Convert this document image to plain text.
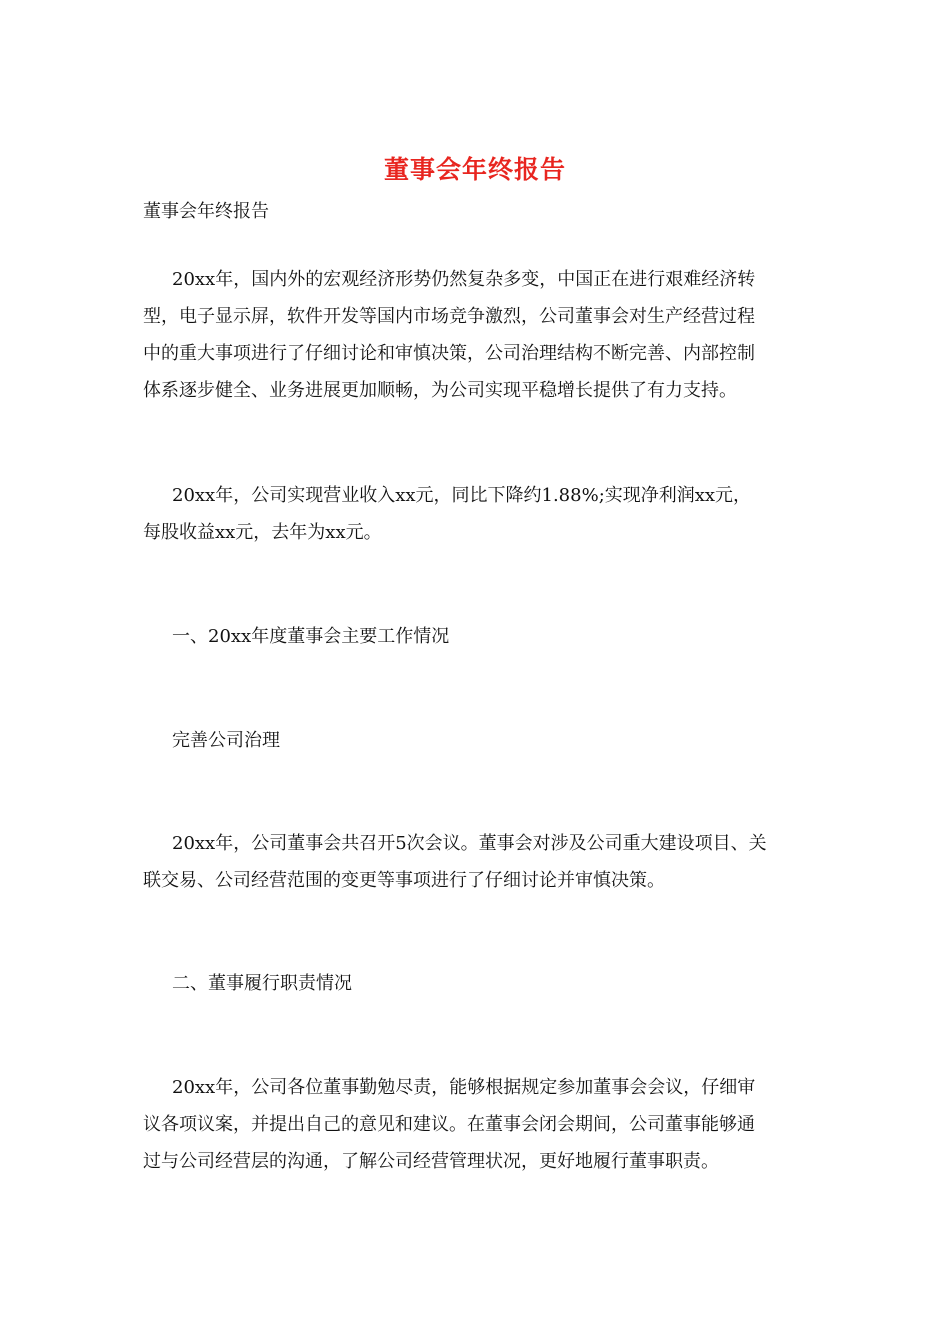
董事会年终报告
董事会年终报告
20xx年，国内外的宏观经济形势仍然复杂多变，中国正在进行艰难经济转
型，电子显示屏，软件开发等国内市场竞争激烈，公司董事会对生产经营过程
中的重大事项进行了仔细讨论和审慎决策，公司治理结构不断完善、内部控制
体系逐步健全、业务进展更加顺畅，为公司实现平稳增长提供了有力支持。
20xx年，公司实现营业收入xx元，同比下降约1.88%;实现净利润xx元，
每股收益xx元，去年为xx元。
一、20xx年度董事会主要工作情况
完善公司治理
20xx年，公司董事会共召开5次会议。董事会对涉及公司重大建设项目、关
联交易、公司经营范围的变更等事项进行了仔细讨论并审慎决策。
二、董事履行职责情况
20xx年，公司各位董事勤勉尽责，能够根据规定参加董事会会议，仔细审
议各项议案，并提出自己的意见和建议。在董事会闭会期间，公司董事能够通
过与公司经营层的沟通，了解公司经营管理状况，更好地履行董事职责。
